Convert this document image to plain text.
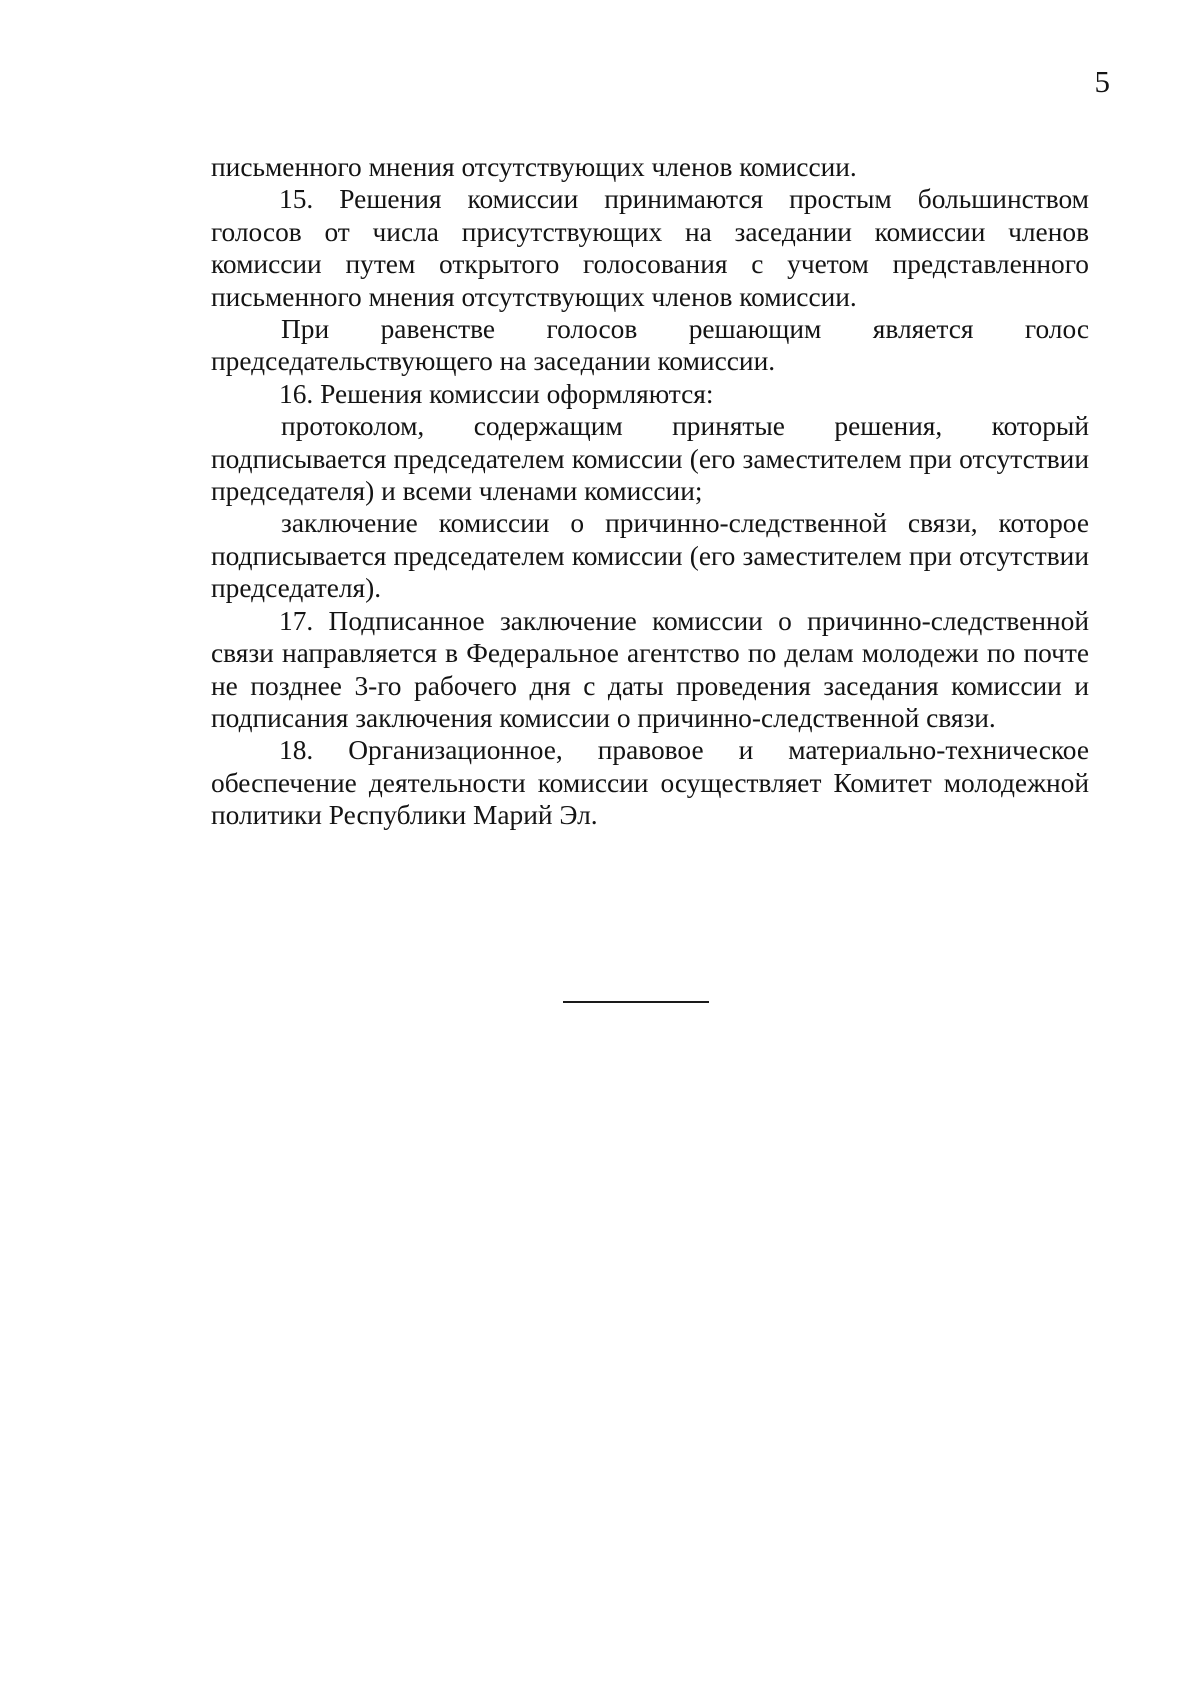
5

письменного мнения отсутствующих членов комиссии.

15. Решения комиссии принимаются простым большинством голосов от числа присутствующих на заседании комиссии членов комиссии путем открытого голосования с учетом представленного письменного мнения отсутствующих членов комиссии.

При равенстве голосов решающим является голос председательствующего на заседании комиссии.

16. Решения комиссии оформляются:

протоколом, содержащим принятые решения, который подписывается председателем комиссии (его заместителем при отсутствии председателя) и всеми членами комиссии;

заключение комиссии о причинно-следственной связи, которое подписывается председателем комиссии (его заместителем при отсутствии председателя).

17. Подписанное заключение комиссии о причинно-следственной связи направляется в Федеральное агентство по делам молодежи по почте не позднее 3-го рабочего дня с даты проведения заседания комиссии и подписания заключения комиссии о причинно-следственной связи.

18. Организационное, правовое и материально-техническое обеспечение деятельности комиссии осуществляет Комитет молодежной политики Республики Марий Эл.
